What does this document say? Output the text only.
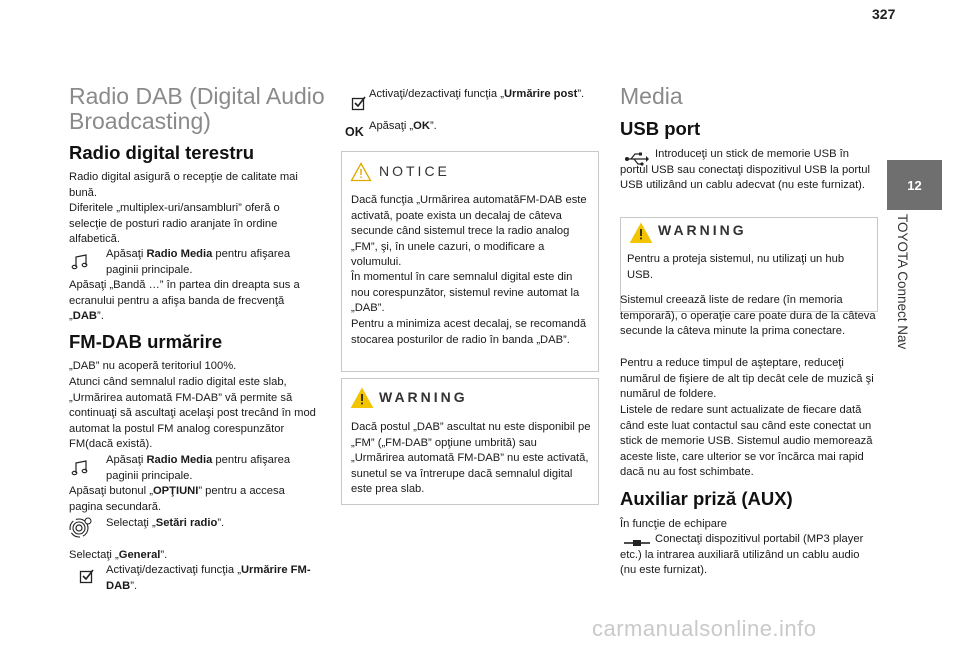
327
12
TOYOTA Connect Nav
Radio DAB (Digital Audio
Broadcasting)
Radio digital terestru
Radio digital asigură o recepţie de calitate mai bună.
Diferitele „multiplex-uri/ansambluri” oferă o selecţie de posturi radio aranjate în ordine alfabetică.
Apăsaţi Radio Media pentru afişarea paginii principale.
Apăsaţi „Bandă …” în partea din dreapta sus a ecranului pentru a afişa banda de frecvenţă „DAB”.
FM-DAB urmărire
„DAB” nu acoperă teritoriul 100%.
Atunci când semnalul radio digital este slab, „Urmărirea automată FM-DAB” vă permite să continuaţi să ascultaţi acelaşi post trecând în mod automat la postul FM analog corespunzător FM(dacă există).
Apăsaţi Radio Media pentru afişarea paginii principale.
Apăsaţi butonul „OPŢIUNI” pentru a accesa pagina secundară.
Selectaţi „Setări radio”.
Selectaţi „General”.
Activaţi/dezactivaţi funcţia „Urmărire FM-DAB”.
Activaţi/dezactivaţi funcţia „Urmărire post”.
OK Apăsaţi „OK”.
NOTICE
Dacă funcţia „Urmărirea automatăFM-DAB este activată, poate exista un decalaj de câteva secunde când sistemul trece la radio analog „FM”, şi, în unele cazuri, o modificare a volumului.
În momentul în care semnalul digital este din nou corespunzător, sistemul revine automat la „DAB”.
Pentru a minimiza acest decalaj, se recomandă stocarea posturilor de radio în banda „DAB”.
WARNING
Dacă postul „DAB” ascultat nu este disponibil pe „FM” („FM-DAB” opţiune umbrită) sau „Urmărirea automată FM-DAB” nu este activată, sunetul se va întrerupe dacă semnalul digital este prea slab.
Media
USB port
Introduceţi un stick de memorie USB în portul USB sau conectaţi dispozitivul USB la portul USB utilizând un cablu adecvat (nu este furnizat).
WARNING
Pentru a proteja sistemul, nu utilizaţi un hub USB.
Sistemul creează liste de redare (în memoria temporară), o operaţie care poate dura de la câteva secunde la câteva minute la prima conectare.
Pentru a reduce timpul de aşteptare, reduceţi numărul de fişiere de alt tip decât cele de muzică şi numărul de foldere.
Listele de redare sunt actualizate de fiecare dată când este luat contactul sau când este conectat un stick de memorie USB. Sistemul audio memorează aceste liste, care ulterior se vor încărca mai rapid dacă nu au fost schimbate.
Auxiliar priză (AUX)
În funcţie de echipare
Conectaţi dispozitivul portabil (MP3 player etc.) la intrarea auxiliară utilizând un cablu audio (nu este furnizat).
carmanualsonline.info
